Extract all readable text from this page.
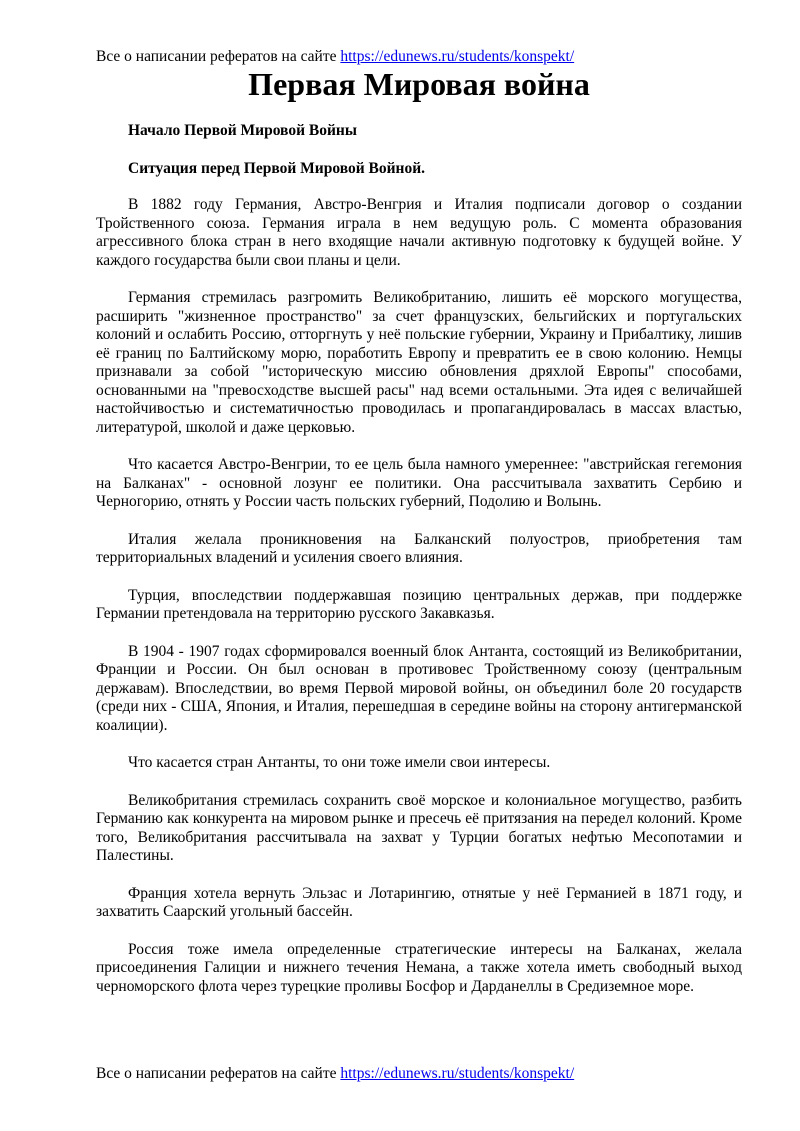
Все о написании рефератов на сайте https://edunews.ru/students/konspekt/
Первая Мировая война

Начало Первой Мировой Войны

Ситуация перед Первой Мировой Войной.

В 1882 году Германия, Австро-Венгрия и Италия подписали договор о создании Тройственного союза. Германия играла в нем ведущую роль. С момента образования агрессивного блока стран в него входящие начали активную подготовку к будущей войне. У каждого государства были свои планы и цели.

Германия стремилась разгромить Великобританию, лишить её морского могущества, расширить "жизненное пространство" за счет французских, бельгийских и португальских колоний и ослабить Россию, отторгнуть у неё польские губернии, Украину и Прибалтику, лишив её границ по Балтийскому морю, поработить Европу и превратить ее в свою колонию. Немцы признавали за собой "историческую миссию обновления дряхлой Европы" способами, основанными на "превосходстве высшей расы" над всеми остальными. Эта идея с величайшей настойчивостью и систематичностью проводилась и пропагандировалась в массах властью, литературой, школой и даже церковью.

Что касается Австро-Венгрии, то ее цель была намного умереннее: "австрийская гегемония на Балканах" - основной лозунг ее политики. Она рассчитывала захватить Сербию и Черногорию, отнять у России часть польских губерний, Подолию и Волынь.

Италия желала проникновения на Балканский полуостров, приобретения там территориальных владений и усиления своего влияния.

Турция, впоследствии поддержавшая позицию центральных держав, при поддержке Германии претендовала на территорию русского Закавказья.

В 1904 - 1907 годах сформировался военный блок Антанта, состоящий из Великобритании, Франции и России. Он был основан в противовес Тройственному союзу (центральным державам). Впоследствии, во время Первой мировой войны, он объединил боле 20 государств (среди них - США, Япония, и Италия, перешедшая в середине войны на сторону антигерманской коалиции).

Что касается стран Антанты, то они тоже имели свои интересы.

Великобритания стремилась сохранить своё морское и колониальное могущество, разбить Германию как конкурента на мировом рынке и пресечь её притязания на передел колоний. Кроме того, Великобритания рассчитывала на захват у Турции богатых нефтью Месопотамии и Палестины.

Франция хотела вернуть Эльзас и Лотарингию, отнятые у неё Германией в 1871 году, и захватить Саарский угольный бассейн.

Россия тоже имела определенные стратегические интересы на Балканах, желала присоединения Галиции и нижнего течения Немана, а также хотела иметь свободный выход черноморского флота через турецкие проливы Босфор и Дарданеллы в Средиземное море.

Все о написании рефератов на сайте https://edunews.ru/students/konspekt/
